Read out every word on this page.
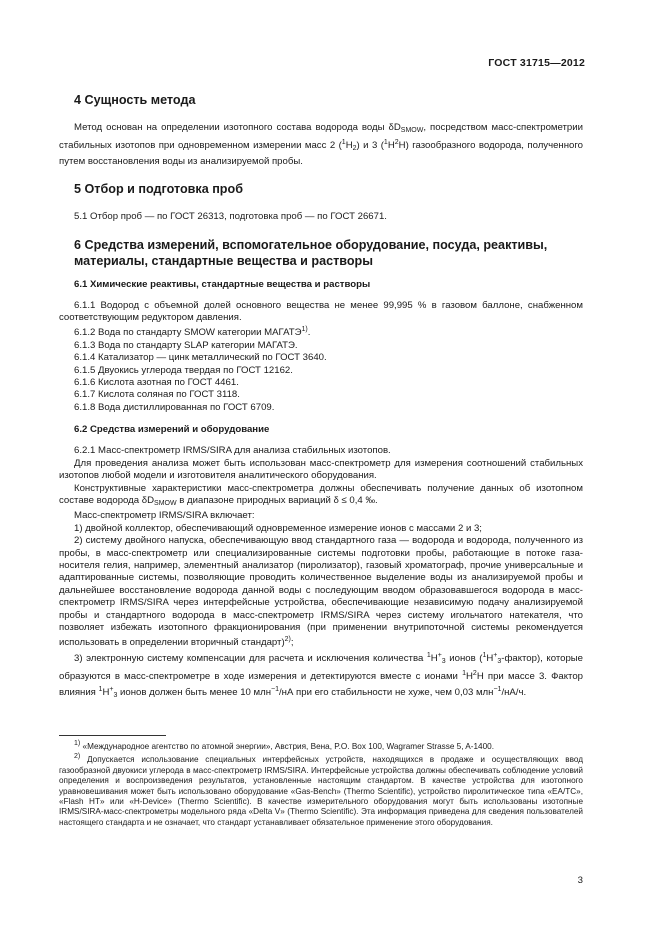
ГОСТ 31715—2012
4 Сущность метода

Метод основан на определении изотопного состава водорода воды $\delta D_{SMOW}$, посредством масс-спектрометрии стабильных изотопов при одновременном измерении масс 2 $(^1H_2)$ и 3 $(^1H^2H)$ газообразного водорода, полученного путем восстановления воды из анализируемой пробы.

5 Отбор и подготовка проб

5.1 Отбор проб — по ГОСТ 26313, подготовка проб — по ГОСТ 26671.

6 Средства измерений, вспомогательное оборудование, посуда, реактивы, материалы, стандартные вещества и растворы
6.1 Химические реактивы, стандартные вещества и растворы

6.1.1 Водород с объемной долей основного вещества не менее 99,995 % в газовом баллоне, снабженном соответствующим редуктором давления.

6.1.2 Вода по стандарту SMOW категории МАГАТЭ$^{1)}$.

6.1.3 Вода по стандарту SLAP категории МАГАТЭ.

6.1.4 Катализатор — цинк металлический по ГОСТ 3640.

6.1.5 Двуокись углерода твердая по ГОСТ 12162.

6.1.6 Кислота азотная по ГОСТ 4461.

6.1.7 Кислота соляная по ГОСТ 3118.

6.1.8 Вода дистиллированная по ГОСТ 6709.

6.2 Средства измерений и оборудование

6.2.1 Масс-спектрометр IRMS/SIRA для анализа стабильных изотопов.

Для проведения анализа может быть использован масс-спектрометр для измерения соотношений стабильных изотопов любой модели и изготовителя аналитического оборудования.

Конструктивные характеристики масс-спектрометра должны обеспечивать получение данных об изотопном составе водорода $\delta D_{SMOW}$ в диапазоне природных вариаций δ ≤ 0,4 ‰.

Масс-спектрометр IRMS/SIRA включает:

1) двойной коллектор, обеспечивающий одновременное измерение ионов с массами 2 и 3;

2) систему двойного напуска, обеспечивающую ввод стандартного газа — водорода и водорода, полученного из пробы, в масс-спектрометр или специализированные системы подготовки пробы, работающие в потоке газа-носителя гелия, например, элементный анализатор (пиролизатор), газовый хроматограф, прочие универсальные и адаптированные системы, позволяющие проводить количественное выделение воды из анализируемой пробы и дальнейшее восстановление водорода данной воды с последующим вводом образовавшегося водорода в масс-спектрометр IRMS/SIRA через интерфейсные устройства, обеспечивающие независимую подачу анализируемой пробы и стандартного водорода в масс-спектрометр IRMS/SIRA через систему игольчатого натекателя, что позволяет избежать изотопного фракционирования (при применении внутрипоточной системы рекомендуется использовать в определении вторичный стандарт)$^{2)}$;

3) электронную систему компенсации для расчета и исключения количества $^1H^+_3$ ионов $(^1H^+_3-фактор)$, которые образуются в масс-спектрометре в ходе измерения и детектируются вместе с ионами $^1H^2H$ при массе 3. Фактор влияния $^1H^+_3$ ионов должен быть менее 10 млн$^{-1}$/нА при его стабильности не хуже, чем 0,03 млн$^{-1}$/нА/ч.

1) «Международное агентство по атомной энергии», Австрия, Вена, P.O. Box 100, Wagramer Strasse 5, A-1400.

2) Допускается использование специальных интерфейсных устройств, находящихся в продаже и осуществляющих ввод газообразной двуокиси углерода в масс-спектрометр IRMS/SIRA. Интерфейсные устройства должны обеспечивать соблюдение условий определения и воспроизведения результатов, установленные настоящим стандартом. В качестве устройства для изотопного уравновешивания может быть использовано оборудование «Gas-Bench» (Thermo Scientific), устройство пиролитическое типа «EA/TC», «Flash HT» или «H-Device» (Thermo Scientific). В качестве измерительного оборудования могут быть использованы изотопные IRMS/SIRA-масс-спектрометры модельного ряда «Delta V» (Thermo Scientific). Эта информация приведена для сведения пользователей настоящего стандарта и не означает, что стандарт устанавливает обязательное применение этого оборудования.

3
